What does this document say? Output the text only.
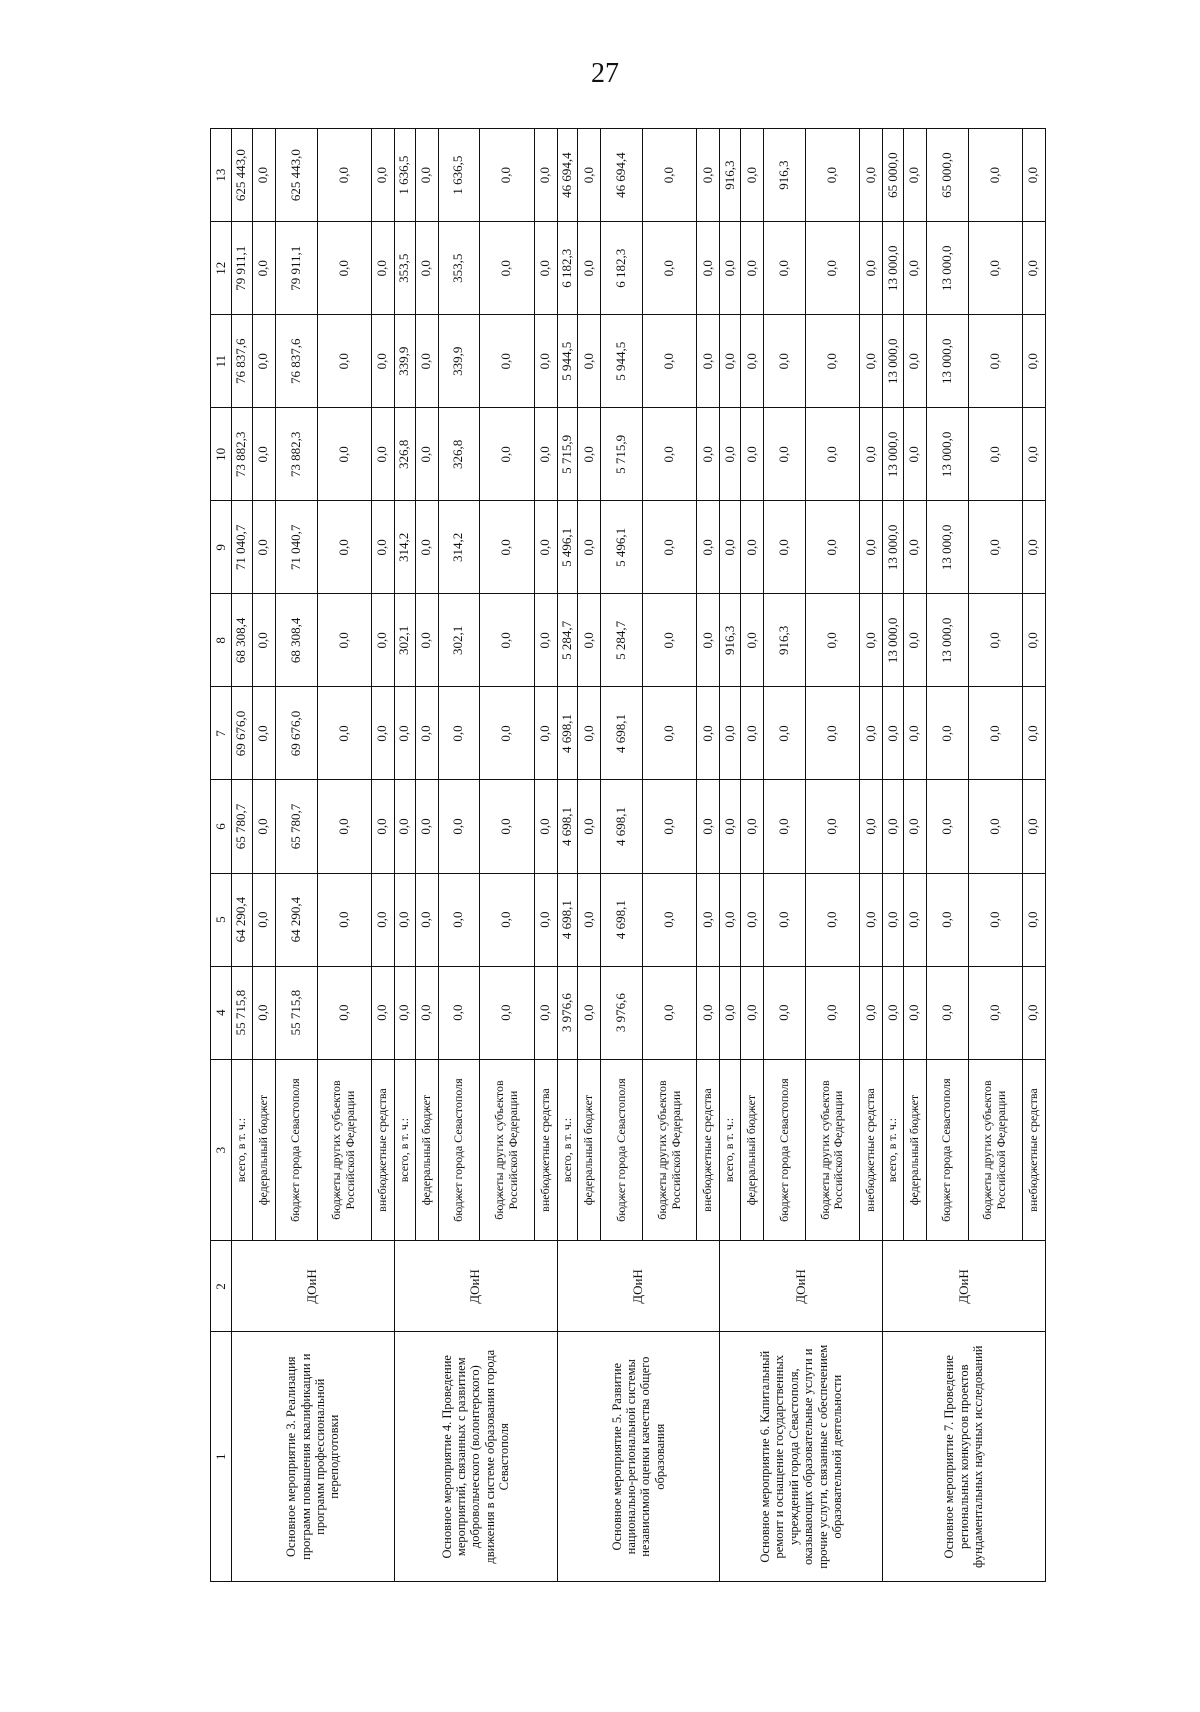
27
1	2	3	4	5	6	7	8	9	10	11	12	13
Основное мероприятие 3. Реализация программ повышения квалификации и программ профессиональной переподготовки	ДОиН	всего, в т. ч.:	55 715,8	64 290,4	65 780,7	69 676,0	68 308,4	71 040,7	73 882,3	76 837,6	79 911,1	625 443,0
		федеральный бюджет	0,0	0,0	0,0	0,0	0,0	0,0	0,0	0,0	0,0	0,0
		бюджет города Севастополя	55 715,8	64 290,4	65 780,7	69 676,0	68 308,4	71 040,7	73 882,3	76 837,6	79 911,1	625 443,0
		бюджеты других субъектов Российской Федерации	0,0	0,0	0,0	0,0	0,0	0,0	0,0	0,0	0,0	0,0
		внебюджетные средства	0,0	0,0	0,0	0,0	0,0	0,0	0,0	0,0	0,0	0,0
Основное мероприятие 4. Проведение мероприятий, связанных с развитием добровольческого (волонтерского) движения в системе образования города Севастополя	ДОиН	всего, в т. ч.:	0,0	0,0	0,0	0,0	302,1	314,2	326,8	339,9	353,5	1 636,5
		федеральный бюджет	0,0	0,0	0,0	0,0	0,0	0,0	0,0	0,0	0,0	0,0
		бюджет города Севастополя	0,0	0,0	0,0	0,0	302,1	314,2	326,8	339,9	353,5	1 636,5
		бюджеты других субъектов Российской Федерации	0,0	0,0	0,0	0,0	0,0	0,0	0,0	0,0	0,0	0,0
		внебюджетные средства	0,0	0,0	0,0	0,0	0,0	0,0	0,0	0,0	0,0	0,0
Основное мероприятие 5. Развитие национально-региональной системы независимой оценки качества общего образования	ДОиН	всего, в т. ч.:	3 976,6	4 698,1	4 698,1	4 698,1	5 284,7	5 496,1	5 715,9	5 944,5	6 182,3	46 694,4
		федеральный бюджет	0,0	0,0	0,0	0,0	0,0	0,0	0,0	0,0	0,0	0,0
		бюджет города Севастополя	3 976,6	4 698,1	4 698,1	4 698,1	5 284,7	5 496,1	5 715,9	5 944,5	6 182,3	46 694,4
		бюджеты других субъектов Российской Федерации	0,0	0,0	0,0	0,0	0,0	0,0	0,0	0,0	0,0	0,0
		внебюджетные средства	0,0	0,0	0,0	0,0	0,0	0,0	0,0	0,0	0,0	0,0
Основное мероприятие 6. Капитальный ремонт и оснащение государственных учреждений города Севастополя, оказывающих образовательные услуги и прочие услуги, связанные с обеспечением образовательной деятельности	ДОиН	всего, в т. ч.:	0,0	0,0	0,0	0,0	916,3	0,0	0,0	0,0	0,0	916,3
		федеральный бюджет	0,0	0,0	0,0	0,0	0,0	0,0	0,0	0,0	0,0	0,0
		бюджет города Севастополя	0,0	0,0	0,0	0,0	916,3	0,0	0,0	0,0	0,0	916,3
		бюджеты других субъектов Российской Федерации	0,0	0,0	0,0	0,0	0,0	0,0	0,0	0,0	0,0	0,0
		внебюджетные средства	0,0	0,0	0,0	0,0	0,0	0,0	0,0	0,0	0,0	0,0
Основное мероприятие 7. Проведение региональных конкурсов проектов фундаментальных научных исследований	ДОиН	всего, в т. ч.:	0,0	0,0	0,0	0,0	13 000,0	13 000,0	13 000,0	13 000,0	13 000,0	65 000,0
		федеральный бюджет	0,0	0,0	0,0	0,0	0,0	0,0	0,0	0,0	0,0	0,0
		бюджет города Севастополя	0,0	0,0	0,0	0,0	13 000,0	13 000,0	13 000,0	13 000,0	13 000,0	65 000,0
		бюджеты других субъектов Российской Федерации	0,0	0,0	0,0	0,0	0,0	0,0	0,0	0,0	0,0	0,0
		внебюджетные средства	0,0	0,0	0,0	0,0	0,0	0,0	0,0	0,0	0,0	0,0
